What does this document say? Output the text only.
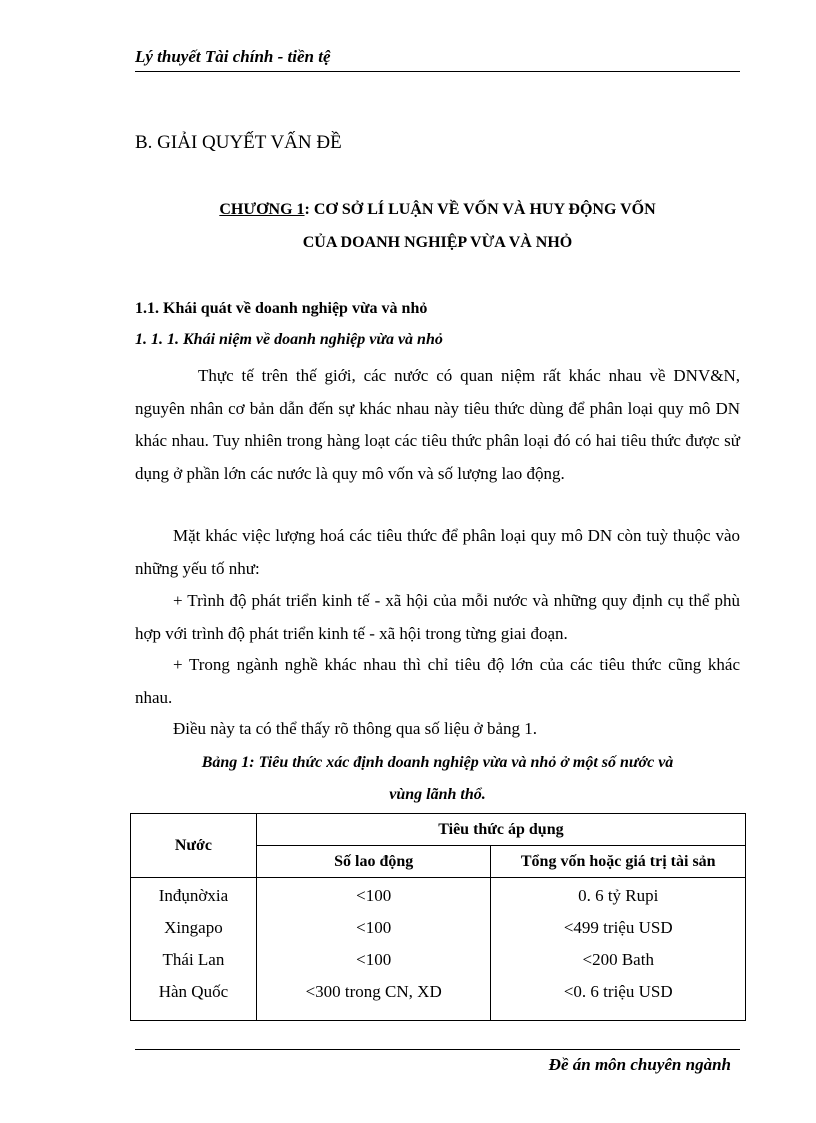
Lý thuyết Tài chính - tiền tệ
B. GIẢI QUYẾT VẤN ĐỀ
CHƯƠNG 1: CƠ SỞ LÍ LUẬN VỀ VỐN VÀ HUY ĐỘNG VỐN
CỦA DOANH NGHIỆP VỪA VÀ NHỎ
1.1. Khái quát về doanh nghiệp vừa và nhỏ
1. 1. 1. Khái niệm về doanh nghiệp vừa và nhỏ
Thực tế trên thế giới, các nước có quan niệm rất khác nhau về DNV&N, nguyên nhân cơ bản dẫn đến sự khác nhau này tiêu thức dùng để phân loại quy mô DN khác nhau. Tuy nhiên trong hàng loạt các tiêu thức phân loại đó có hai tiêu thức được sử dụng ở phần lớn các nước là quy mô vốn và số lượng lao động.
Mặt khác việc lượng hoá các tiêu thức để phân loại quy mô DN còn tuỳ thuộc vào những yếu tố như:
+ Trình độ phát triển kinh tế - xã hội của mỗi nước và những quy định cụ thể phù hợp với trình độ phát triển kinh tế - xã hội trong từng giai đoạn.
+ Trong ngành nghề khác nhau thì chỉ tiêu độ lớn của các tiêu thức cũng khác nhau.
Điều này ta có thể thấy rõ thông qua số liệu ở bảng 1.
Bảng 1: Tiêu thức xác định doanh nghiệp vừa và nhỏ ở một số nước và
vùng lãnh thổ.
Nước	Tiêu thức áp dụng	
	Số lao động	Tổng vốn hoặc giá trị tài sản
Inđụnờxia	<100	0. 6 tỷ Rupi
Xingapo	<100	<499 triệu USD
Thái Lan	<100	<200 Bath
Hàn Quốc	<300 trong CN, XD	<0. 6 triệu USD
Đề án môn chuyên ngành
